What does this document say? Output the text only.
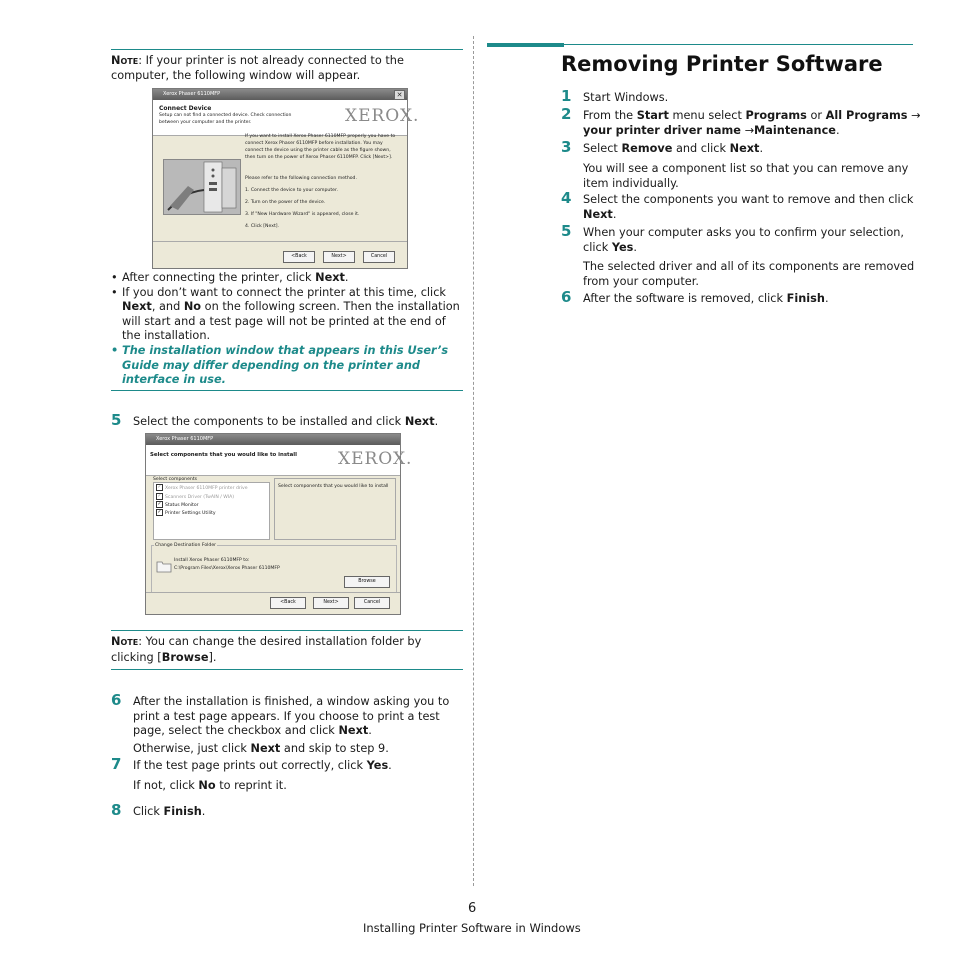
Note: If your printer is not already connected to the computer, the following window will appear.
Xerox Phaser 6110MFP	✕
Connect Device
Setup can not find a connected device. Check connection between your computer and the printer.	XEROX.
If you want to install Xerox Phaser 6110MFP properly you have to connect Xerox Phaser 6110MFP before installation. You may connect the device using the printer cable as the figure shown, then turn on the power of Xerox Phaser 6110MFP. Click [Next>].
Please refer to the following connection method.
1. Connect the device to your computer.
2. Turn on the power of the device.
3. If "New Hardware Wizard" is appeared, close it.
4. Click [Next].
<Back	Next>	Cancel
• After connecting the printer, click Next.
• If you don’t want to connect the printer at this time, click Next, and No on the following screen. Then the installation will start and a test page will not be printed at the end of the installation.
• The installation window that appears in this User’s Guide may differ depending on the printer and interface in use.
5 Select the components to be installed and click Next.
Xerox Phaser 6110MFP
Select components that you would like to install XEROX.
Select components
✓ Xerox Phaser 6110MFP printer drive
✓ Scanners Driver (TwAIN / WIA)
✓ Status Monitor
✓ Printer Settings Utility
Select components that you would like to install
Change Destination Folder
Install Xerox Phaser 6110MFP to:
C:\Program Files\Xerox\Xerox Phaser 6110MFP
Browse
<Back	Next>	Cancel
Note: You can change the desired installation folder by clicking [Browse].
6 After the installation is finished, a window asking you to print a test page appears. If you choose to print a test page, select the checkbox and click Next.
Otherwise, just click Next and skip to step 9.
7 If the test page prints out correctly, click Yes.
If not, click No to reprint it.
8 Click Finish.
Removing Printer Software
1 Start Windows.
2 From the Start menu select Programs or All Programs → your printer driver name →Maintenance.
3 Select Remove and click Next.
You will see a component list so that you can remove any item individually.
4 Select the components you want to remove and then click Next.
5 When your computer asks you to confirm your selection, click Yes.
The selected driver and all of its components are removed from your computer.
6 After the software is removed, click Finish.
6
Installing Printer Software in Windows
